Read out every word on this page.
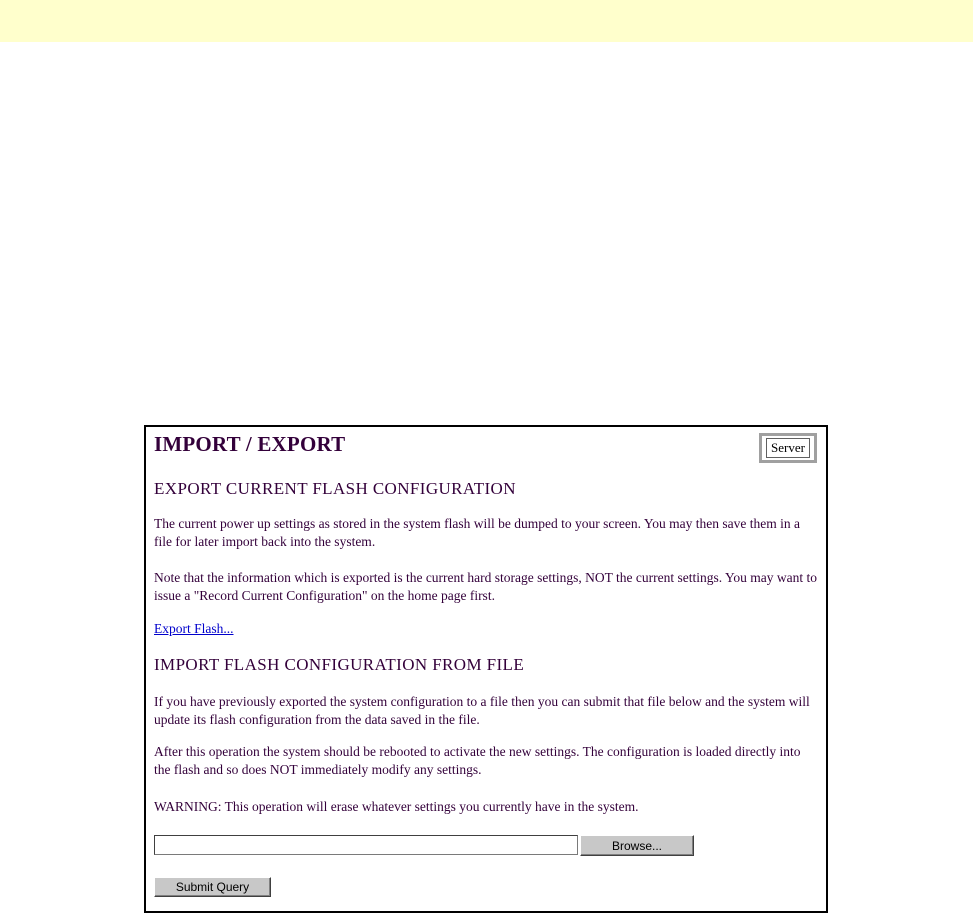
IMPORT / EXPORT	Server
EXPORT CURRENT FLASH CONFIGURATION

The current power up settings as stored in the system flash will be dumped to your screen. You may then save them in a file for later import back into the system.

Note that the information which is exported is the current hard storage settings, NOT the current settings. You may want to issue a "Record Current Configuration" on the home page first.

Export Flash...
IMPORT FLASH CONFIGURATION FROM FILE

If you have previously exported the system configuration to a file then you can submit that file below and the system will update its flash configuration from the data saved in the file.

After this operation the system should be rebooted to activate the new settings. The configuration is loaded directly into the flash and so does NOT immediately modify any settings.

WARNING: This operation will erase whatever settings you currently have in the system.

Browse...
Submit Query
